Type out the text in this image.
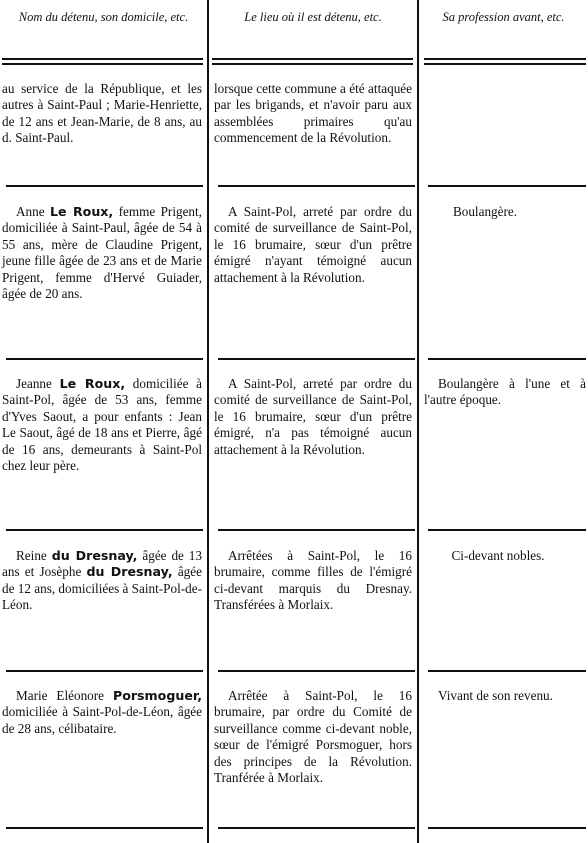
Nom du détenu, son domicile, etc.	Le lieu où il est détenu, etc.	Sa profession avant, etc.
au service de la République, et les autres à Saint-Paul ; Marie-Henriette, de 12 ans et Jean-Marie, de 8 ans, au d. Saint-Paul.
lorsque cette commune a été attaquée par les brigands, et n'avoir paru aux assemblées primaires qu'au commencement de la Révolution.
Anne Le Roux, femme Prigent, domiciliée à Saint-Paul, âgée de 54 à 55 ans, mère de Claudine Prigent, jeune fille âgée de 23 ans et de Marie Prigent, femme d'Hervé Guiader, âgée de 20 ans.
A Saint-Pol, arreté par ordre du comité de surveillance de Saint-Pol, le 16 brumaire, sœur d'un prêtre émigré n'ayant témoigné aucun attachement à la Révolution.
Boulangère.
Jeanne Le Roux, domiciliée à Saint-Pol, âgée de 53 ans, femme d'Yves Saout, a pour enfants : Jean Le Saout, âgé de 18 ans et Pierre, âgé de 16 ans, demeurants à Saint-Pol chez leur père.
A Saint-Pol, arreté par ordre du comité de surveillance de Saint-Pol, le 16 brumaire, sœur d'un prêtre émigré, n'a pas témoigné aucun attachement à la Révolution.
Boulangère à l'une et à l'autre époque.
Reine du Dresnay, âgée de 13 ans et Josèphe du Dresnay, âgée de 12 ans, domiciliées à Saint-Pol-de-Léon.
Arrêtées à Saint-Pol, le 16 brumaire, comme filles de l'émigré ci-devant marquis du Dresnay. Transférées à Morlaix.
Ci-devant nobles.
Marie Eléonore Porsmoguer, domiciliée à Saint-Pol-de-Léon, âgée de 28 ans, célibataire.
Arrêtée à Saint-Pol, le 16 brumaire, par ordre du Comité de surveillance comme ci-devant noble, sœur de l'émigré Porsmoguer, hors des principes de la Révolution. Tranférée à Morlaix.
Vivant de son revenu.
